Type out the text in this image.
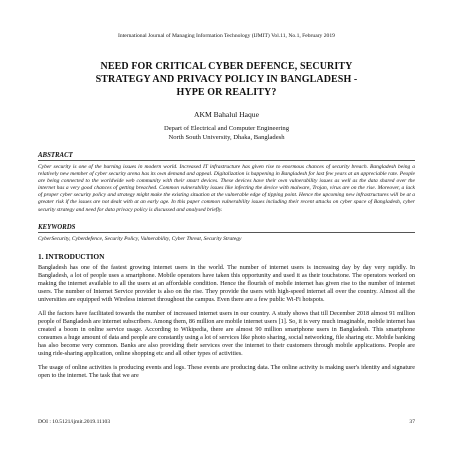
International Journal of Managing Information Technology (IJMIT) Vol.11, No.1, February 2019
NEED FOR CRITICAL CYBER DEFENCE, SECURITY
STRATEGY AND PRIVACY POLICY IN BANGLADESH -
HYPE OR REALITY?
AKM Bahalul Haque
Depart of Electrical and Computer Engineering
North South University, Dhaka, Bangladesh
ABSTRACT
Cyber security is one of the burning issues in modern world. Increased IT infrastructure has given rise to enormous chances of security breach. Bangladesh being a relatively new member of cyber security arena has its own demand and appeal. Digitalization is happening in Bangladesh for last few years at an appreciable rate. People are being connected to the worldwide web community with their smart devices. These devices have their own vulnerability issues as well as the data shared over the internet has a very good chances of getting breached. Common vulnerability issues like infecting the device with malware, Trojan, virus are on the rise. Moreover, a lack of proper cyber security policy and strategy might make the existing situation at the vulnerable edge of tipping point. Hence the upcoming new infrastructures will be at a greater risk if the issues are not dealt with at an early age. In this paper common vulnerability issues including their recent attacks on cyber space of Bangladesh, cyber security strategy and need for data privacy policy is discussed and analysed briefly.
KEYWORDS
CyberSecurity, Cyberdefence, Security Policy, Vulnerability, Cyber Threat, Security Strategy
1. INTRODUCTION

Bangladesh has one of the fastest growing internet users in the world. The number of internet users is increasing day by day very rapidly. In Bangladesh, a lot of people uses a smartphone. Mobile operators have taken this opportunity and used it as their touchstone. The operators worked on making the internet available to all the users at an affordable condition. Hence the flourish of mobile internet has given rise to the number of internet users. The number of Internet Service provider is also on the rise. They provide the users with high-speed internet all over the country. Almost all the universities are equipped with Wireless internet throughout the campus. Even there are a few public Wi-Fi hotspots.

All the factors have facilitated towards the number of increased internet users in our country. A study shows that till December 2018 almost 91 million people of Bangladesh are internet subscribers. Among them, 86 million are mobile internet users [1]. So, it is very much imaginable, mobile internet has created a boom in online service usage. According to Wikipedia, there are almost 90 million smartphone users in Bangladesh. This smartphone consumes a huge amount of data and people are constantly using a lot of services like photo sharing, social networking, file sharing etc. Mobile banking has also become very common. Banks are also providing their services over the internet to their customers through mobile applications. People are using ride-sharing application, online shopping etc and all other types of activities.

The usage of online activities is producing events and logs. These events are producing data. The online activity is making user's identity and signature open to the internet. The task that we are

DOI : 10.5121/ijmit.2019.11103	37
